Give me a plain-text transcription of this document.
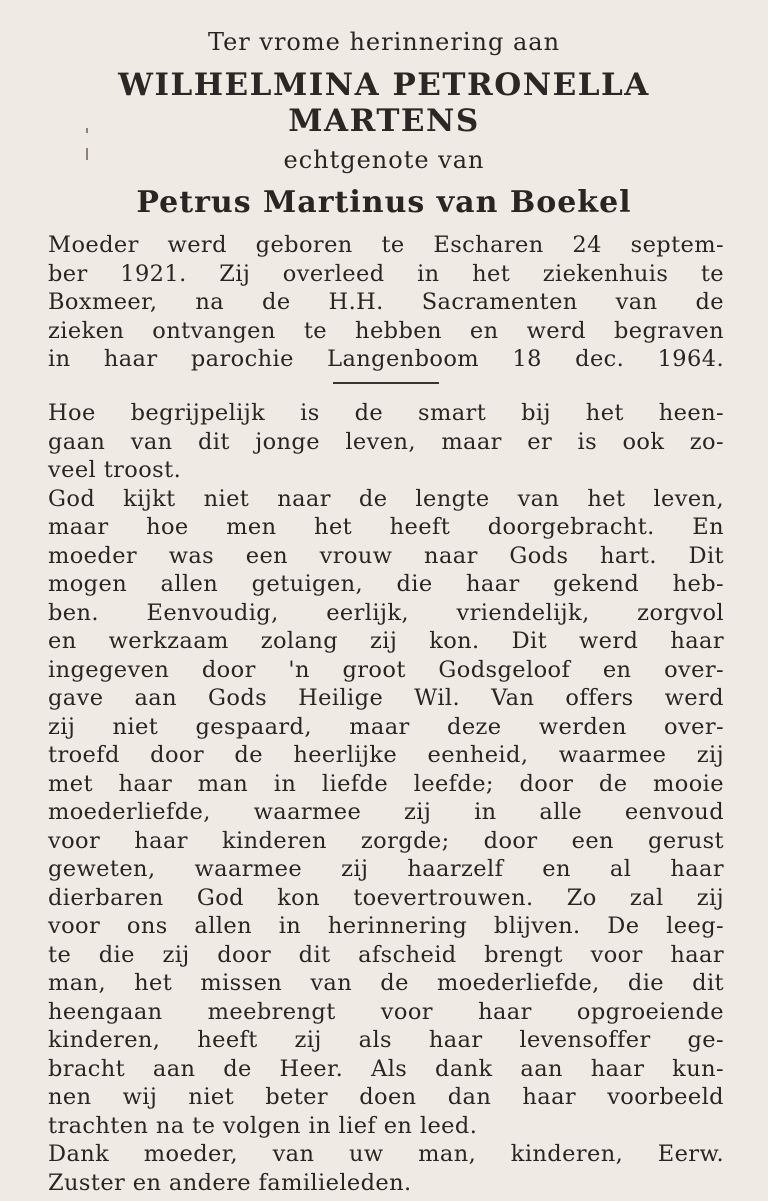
Ter vrome herinnering aan

WILHELMINA PETRONELLA

MARTENS

echtgenote van

Petrus Martinus van Boekel

Moeder werd geboren te Escharen 24 septem-
ber 1921. Zij overleed in het ziekenhuis te
Boxmeer, na de H.H. Sacramenten van de
zieken ontvangen te hebben en werd begraven
in haar parochie Langenboom 18 dec. 1964.
Hoe begrijpelijk is de smart bij het heen-
gaan van dit jonge leven, maar er is ook zo-
veel troost.
God kijkt niet naar de lengte van het leven,
maar hoe men het heeft doorgebracht. En
moeder was een vrouw naar Gods hart. Dit
mogen allen getuigen, die haar gekend heb-
ben. Eenvoudig, eerlijk, vriendelijk, zorgvol
en werkzaam zolang zij kon. Dit werd haar
ingegeven door 'n groot Godsgeloof en over-
gave aan Gods Heilige Wil. Van offers werd
zij niet gespaard, maar deze werden over-
troefd door de heerlijke eenheid, waarmee zij
met haar man in liefde leefde; door de mooie
moederliefde, waarmee zij in alle eenvoud
voor haar kinderen zorgde; door een gerust
geweten, waarmee zij haarzelf en al haar
dierbaren God kon toevertrouwen. Zo zal zij
voor ons allen in herinnering blijven. De leeg-
te die zij door dit afscheid brengt voor haar
man, het missen van de moederliefde, die dit
heengaan meebrengt voor haar opgroeiende
kinderen, heeft zij als haar levensoffer ge-
bracht aan de Heer. Als dank aan haar kun-
nen wij niet beter doen dan haar voorbeeld
trachten na te volgen in lief en leed.
Dank moeder, van uw man, kinderen, Eerw.
Zuster en andere familieleden.
